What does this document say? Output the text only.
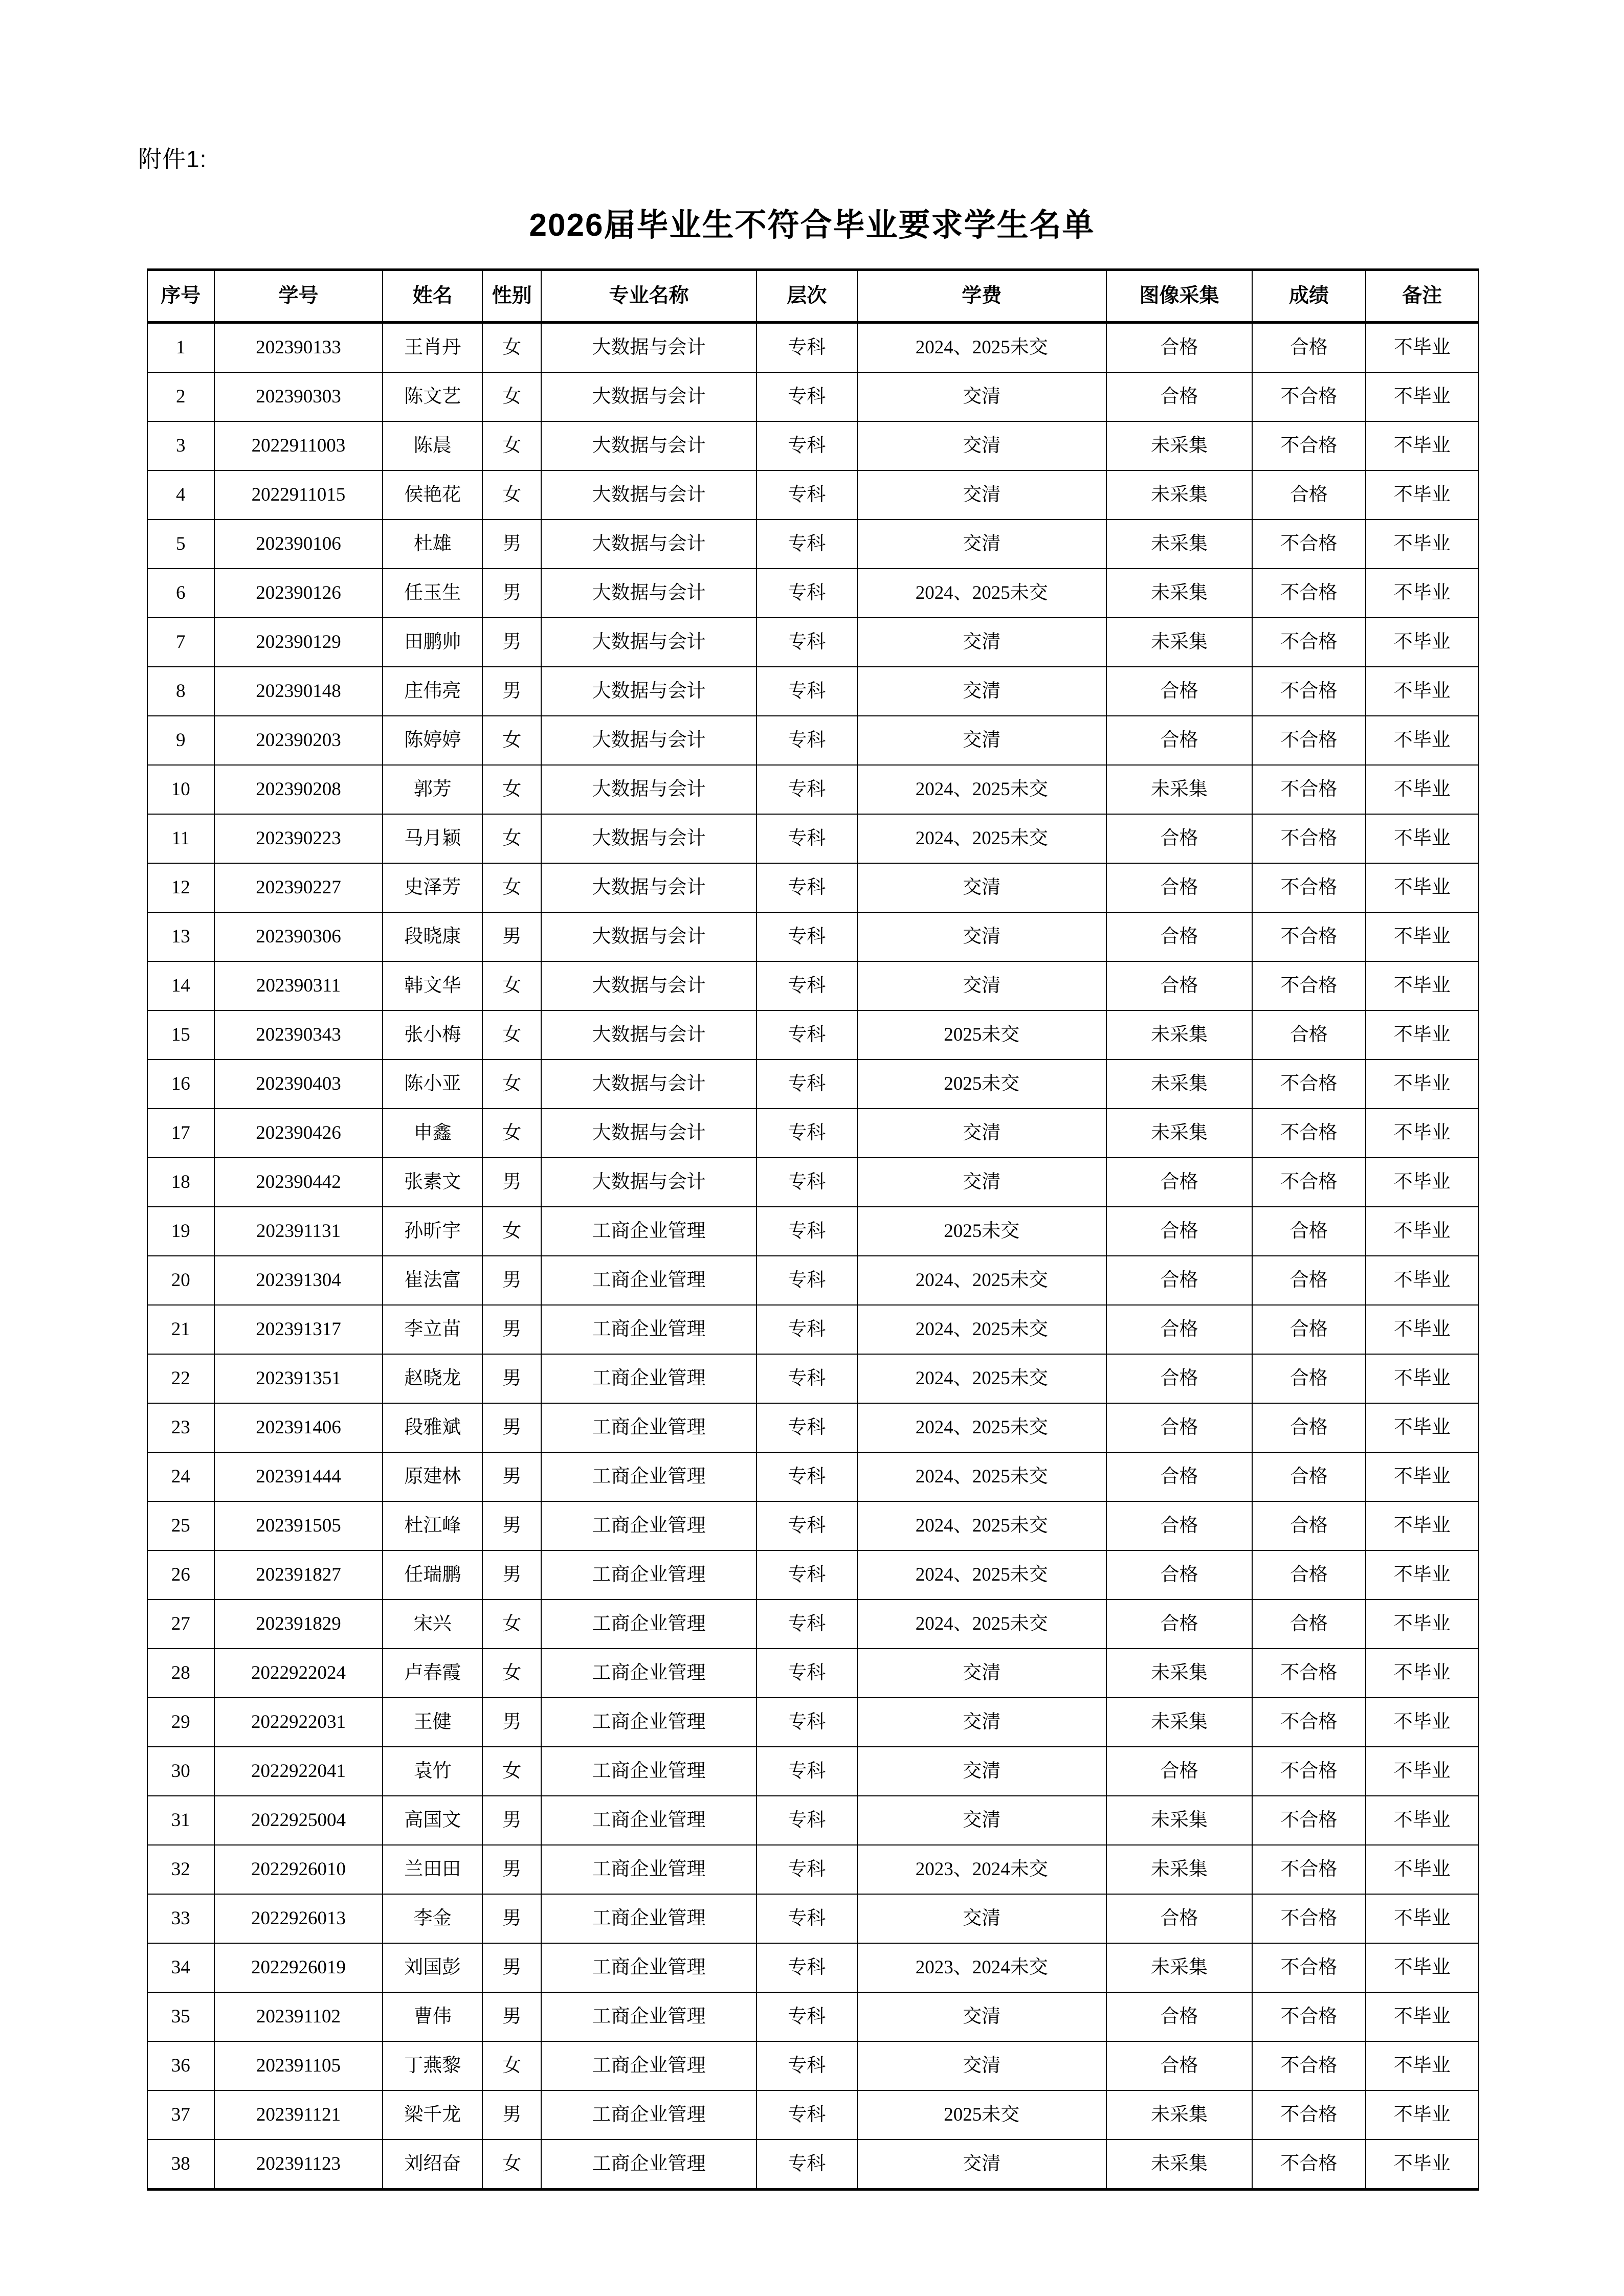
附件1:
2026届毕业生不符合毕业要求学生名单
序号	学号	姓名	性别	专业名称	层次	学费	图像采集	成绩	备注
1	202390133	王肖丹	女	大数据与会计	专科	2024、2025未交	合格	合格	不毕业
2	202390303	陈文艺	女	大数据与会计	专科	交清	合格	不合格	不毕业
3	2022911003	陈晨	女	大数据与会计	专科	交清	未采集	不合格	不毕业
4	2022911015	侯艳花	女	大数据与会计	专科	交清	未采集	合格	不毕业
5	202390106	杜雄	男	大数据与会计	专科	交清	未采集	不合格	不毕业
6	202390126	任玉生	男	大数据与会计	专科	2024、2025未交	未采集	不合格	不毕业
7	202390129	田鹏帅	男	大数据与会计	专科	交清	未采集	不合格	不毕业
8	202390148	庄伟亮	男	大数据与会计	专科	交清	合格	不合格	不毕业
9	202390203	陈婷婷	女	大数据与会计	专科	交清	合格	不合格	不毕业
10	202390208	郭芳	女	大数据与会计	专科	2024、2025未交	未采集	不合格	不毕业
11	202390223	马月颖	女	大数据与会计	专科	2024、2025未交	合格	不合格	不毕业
12	202390227	史泽芳	女	大数据与会计	专科	交清	合格	不合格	不毕业
13	202390306	段晓康	男	大数据与会计	专科	交清	合格	不合格	不毕业
14	202390311	韩文华	女	大数据与会计	专科	交清	合格	不合格	不毕业
15	202390343	张小梅	女	大数据与会计	专科	2025未交	未采集	合格	不毕业
16	202390403	陈小亚	女	大数据与会计	专科	2025未交	未采集	不合格	不毕业
17	202390426	申鑫	女	大数据与会计	专科	交清	未采集	不合格	不毕业
18	202390442	张素文	男	大数据与会计	专科	交清	合格	不合格	不毕业
19	202391131	孙昕宇	女	工商企业管理	专科	2025未交	合格	合格	不毕业
20	202391304	崔法富	男	工商企业管理	专科	2024、2025未交	合格	合格	不毕业
21	202391317	李立苗	男	工商企业管理	专科	2024、2025未交	合格	合格	不毕业
22	202391351	赵晓龙	男	工商企业管理	专科	2024、2025未交	合格	合格	不毕业
23	202391406	段雅斌	男	工商企业管理	专科	2024、2025未交	合格	合格	不毕业
24	202391444	原建林	男	工商企业管理	专科	2024、2025未交	合格	合格	不毕业
25	202391505	杜江峰	男	工商企业管理	专科	2024、2025未交	合格	合格	不毕业
26	202391827	任瑞鹏	男	工商企业管理	专科	2024、2025未交	合格	合格	不毕业
27	202391829	宋兴	女	工商企业管理	专科	2024、2025未交	合格	合格	不毕业
28	2022922024	卢春霞	女	工商企业管理	专科	交清	未采集	不合格	不毕业
29	2022922031	王健	男	工商企业管理	专科	交清	未采集	不合格	不毕业
30	2022922041	袁竹	女	工商企业管理	专科	交清	合格	不合格	不毕业
31	2022925004	高国文	男	工商企业管理	专科	交清	未采集	不合格	不毕业
32	2022926010	兰田田	男	工商企业管理	专科	2023、2024未交	未采集	不合格	不毕业
33	2022926013	李金	男	工商企业管理	专科	交清	合格	不合格	不毕业
34	2022926019	刘国彭	男	工商企业管理	专科	2023、2024未交	未采集	不合格	不毕业
35	202391102	曹伟	男	工商企业管理	专科	交清	合格	不合格	不毕业
36	202391105	丁燕黎	女	工商企业管理	专科	交清	合格	不合格	不毕业
37	202391121	梁千龙	男	工商企业管理	专科	2025未交	未采集	不合格	不毕业
38	202391123	刘绍奋	女	工商企业管理	专科	交清	未采集	不合格	不毕业
